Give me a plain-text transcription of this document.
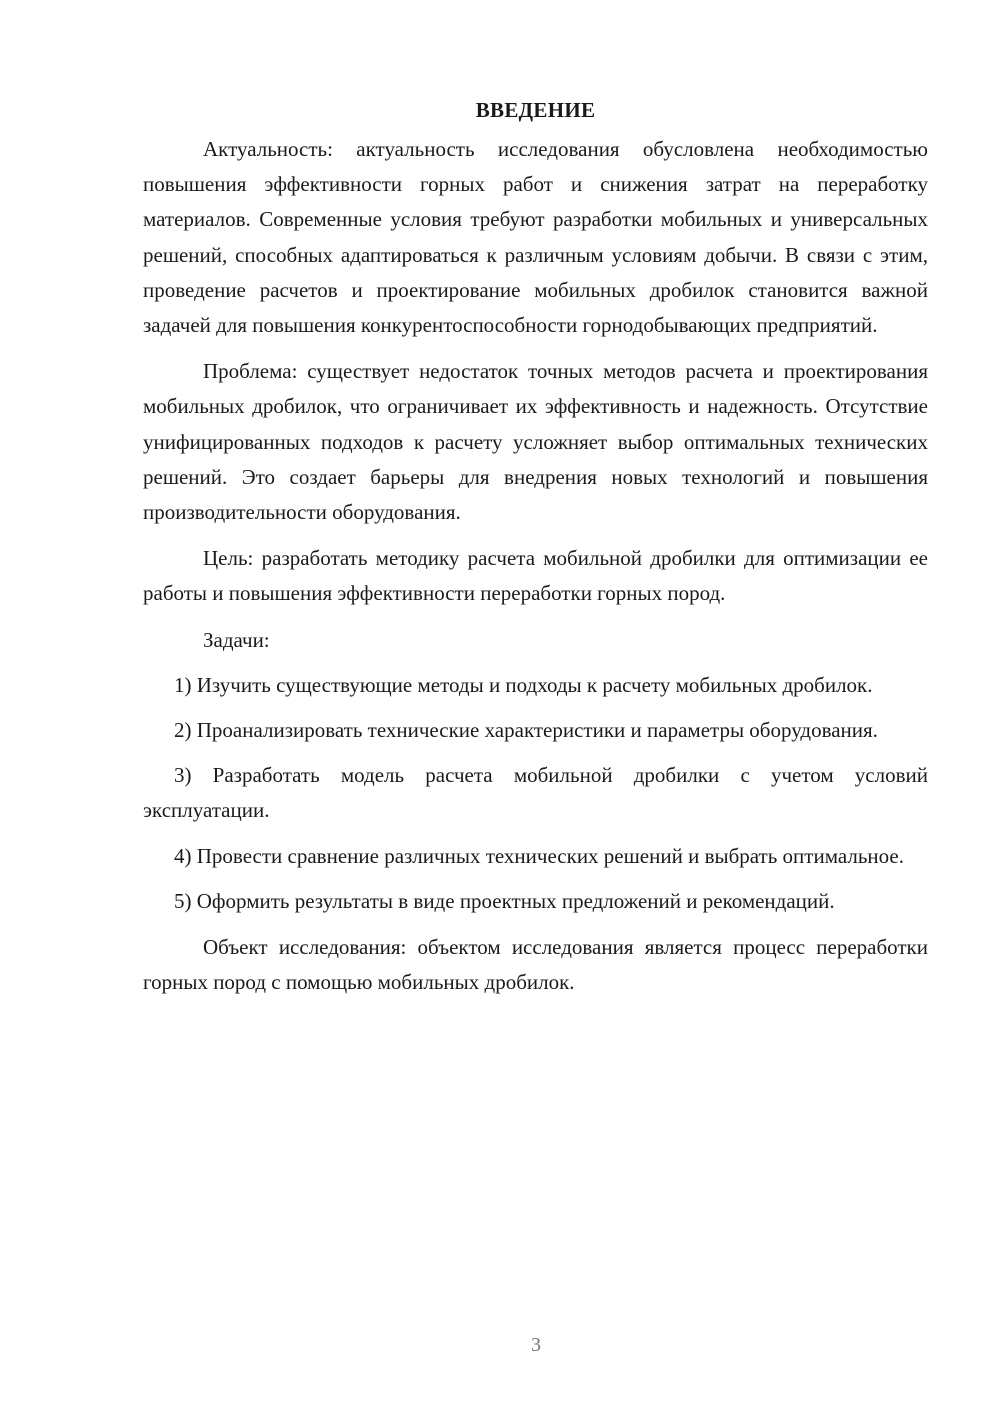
ВВЕДЕНИЕ

Актуальность: актуальность исследования обусловлена необходимостью повышения эффективности горных работ и снижения затрат на переработку материалов. Современные условия требуют разработки мобильных и универсальных решений, способных адаптироваться к различным условиям добычи. В связи с этим, проведение расчетов и проектирование мобильных дробилок становится важной задачей для повышения конкурентоспособности горнодобывающих предприятий.

Проблема: существует недостаток точных методов расчета и проектирования мобильных дробилок, что ограничивает их эффективность и надежность. Отсутствие унифицированных подходов к расчету усложняет выбор оптимальных технических решений. Это создает барьеры для внедрения новых технологий и повышения производительности оборудования.

Цель: разработать методику расчета мобильной дробилки для оптимизации ее работы и повышения эффективности переработки горных пород.

Задачи:

1) Изучить существующие методы и подходы к расчету мобильных дробилок.

2) Проанализировать технические характеристики и параметры оборудования.

3) Разработать модель расчета мобильной дробилки с учетом условий эксплуатации.

4) Провести сравнение различных технических решений и выбрать оптимальное.

5) Оформить результаты в виде проектных предложений и рекомендаций.

Объект исследования: объектом исследования является процесс переработки горных пород с помощью мобильных дробилок.

3
